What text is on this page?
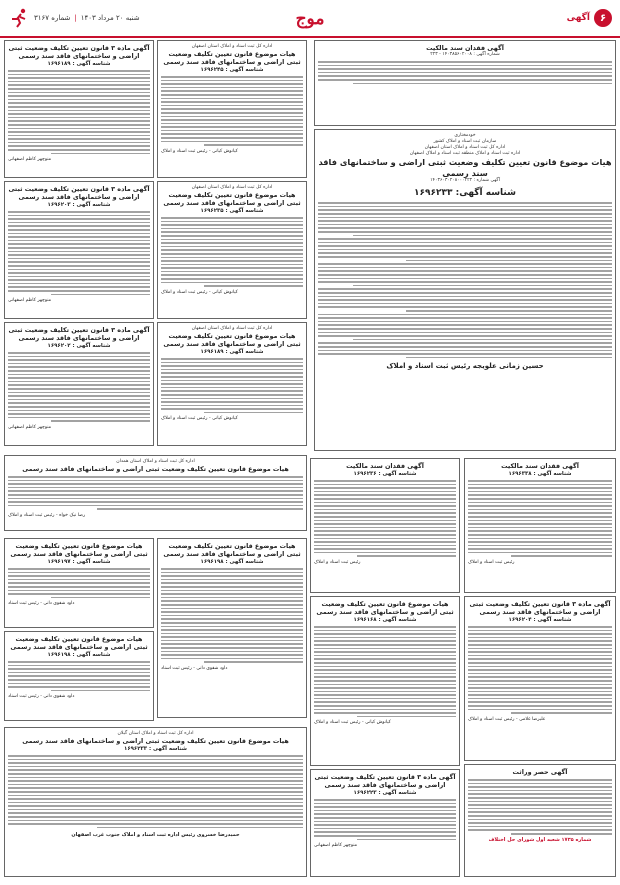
۶
آگهی
موج
شنبه ۲۰ مرداد ۱۴۰۳
|
شماره ۳۱۶۷
آگهی فقدان سند مالکیت
شماره آگهی : ۱۴۰۳۸۵۶۰۲۰۰۸ - ۲۲۳
خودمختاری
سازمان ثبت اسناد و املاک کشور
اداره کل ثبت اسناد و املاک استان اصفهان
اداره ثبت اسناد و املاک منطقه ثبت اسناد و املاک اصفهان
هیات موضوع قانون تعیین تکلیف وضعیت ثبتی اراضی و ساختمانهای فاقد سند رسمی
آگهی شماره : ۱۴۰۳۶۰۳۰۲۰۸۰۰۰۲۲۳
شناسه آگهی: ۱۶۹۶۲۳۳
حسین زمانی علویجه رئیس ثبت اسناد و املاک
آگهی ماده ۳ قانون تعیین تکلیف وضعیت ثبتی اراضی و ساختمانهای فاقد سند رسمی
شناسه آگهی : ۱۶۹۶۱۸۹
منوچهر کاظم اصفهانی
آگهی ماده ۳ قانون تعیین تکلیف وضعیت ثبتی اراضی و ساختمانهای فاقد سند رسمی
شناسه آگهی : ۱۶۹۶۲۰۳
منوچهر کاظم اصفهانی
آگهی ماده ۳ قانون تعیین تکلیف وضعیت ثبتی اراضی و ساختمانهای فاقد سند رسمی
شناسه آگهی : ۱۶۹۶۲۰۲
منوچهر کاظم اصفهانی
اداره کل ثبت اسناد و املاک استان اصفهان
هیات موضوع قانون تعیین تکلیف وضعیت ثبتی اراضی و ساختمانهای فاقد سند رسمی
شناسه آگهی : ۱۶۹۶۲۴۵
کیانوش کیانی - رئیس ثبت اسناد و املاک
اداره کل ثبت اسناد و املاک استان اصفهان
هیات موضوع قانون تعیین تکلیف وضعیت ثبتی اراضی و ساختمانهای فاقد سند رسمی
شناسه آگهی : ۱۶۹۶۲۳۵
کیانوش کیانی - رئیس ثبت اسناد و املاک
اداره کل ثبت اسناد و املاک استان اصفهان
هیات موضوع قانون تعیین تکلیف وضعیت ثبتی اراضی و ساختمانهای فاقد سند رسمی
شناسه آگهی : ۱۶۹۶۱۸۹
کیانوش کیانی - رئیس ثبت اسناد و املاک
اداره کل ثبت اسناد و املاک استان همدان
هیات موضوع قانون تعیین تکلیف وضعیت ثبتی اراضی و ساختمانهای فاقد سند رسمی
رضا نیک خواه - رئیس ثبت اسناد و املاک
هیات موضوع قانون تعیین تکلیف وضعیت ثبتی اراضی و ساختمانهای فاقد سند رسمی
شناسه آگهی : ۱۶۹۶۱۹۷
داود شفوی دانی - رئیس ثبت اسناد
هیات موضوع قانون تعیین تکلیف وضعیت ثبتی اراضی و ساختمانهای فاقد سند رسمی
شناسه آگهی : ۱۶۹۶۱۹۸
داود شفوی دانی - رئیس ثبت اسناد
هیات موضوع قانون تعیین تکلیف وضعیت ثبتی اراضی و ساختمانهای فاقد سند رسمی
شناسه آگهی : ۱۶۹۶۱۹۸
داود شفوی دانی - رئیس ثبت اسناد
اداره کل ثبت اسناد و املاک استان گیلان
هیات موضوع قانون تعیین تکلیف وضعیت ثبتی اراضی و ساختمانهای فاقد سند رسمی
شناسه آگهی : ۱۶۹۶۲۳۳
حمیدرضا خسروی رئیس اداره ثبت اسناد و املاک جنوب غرب اصفهان
آگهی فقدان سند مالکیت
شناسه آگهی : ۱۶۹۶۲۳۶
رئیس ثبت اسناد و املاک
هیات موضوع قانون تعیین تکلیف وضعیت ثبتی اراضی و ساختمانهای فاقد سند رسمی
شناسه آگهی : ۱۶۹۶۱۶۸
کیانوش کیانی - رئیس ثبت اسناد و املاک
آگهی ماده ۳ قانون تعیین تکلیف وضعیت ثبتی اراضی و ساختمانهای فاقد سند رسمی
شناسه آگهی : ۱۶۹۶۲۲۳
منوچهر کاظم اصفهانی
آگهی فقدان سند مالکیت
شناسه آگهی : ۱۶۹۶۳۳۸
رئیس ثبت اسناد و املاک
آگهی ماده ۳ قانون تعیین تکلیف وضعیت ثبتی اراضی و ساختمانهای فاقد سند رسمی
شناسه آگهی : ۱۶۹۶۲۰۴
علیرضا غلامی - رئیس ثبت اسناد و املاک
آگهی حصر وراثت
شماره ۱۷۳۵ شعبه اول شورای حل اختلاف
